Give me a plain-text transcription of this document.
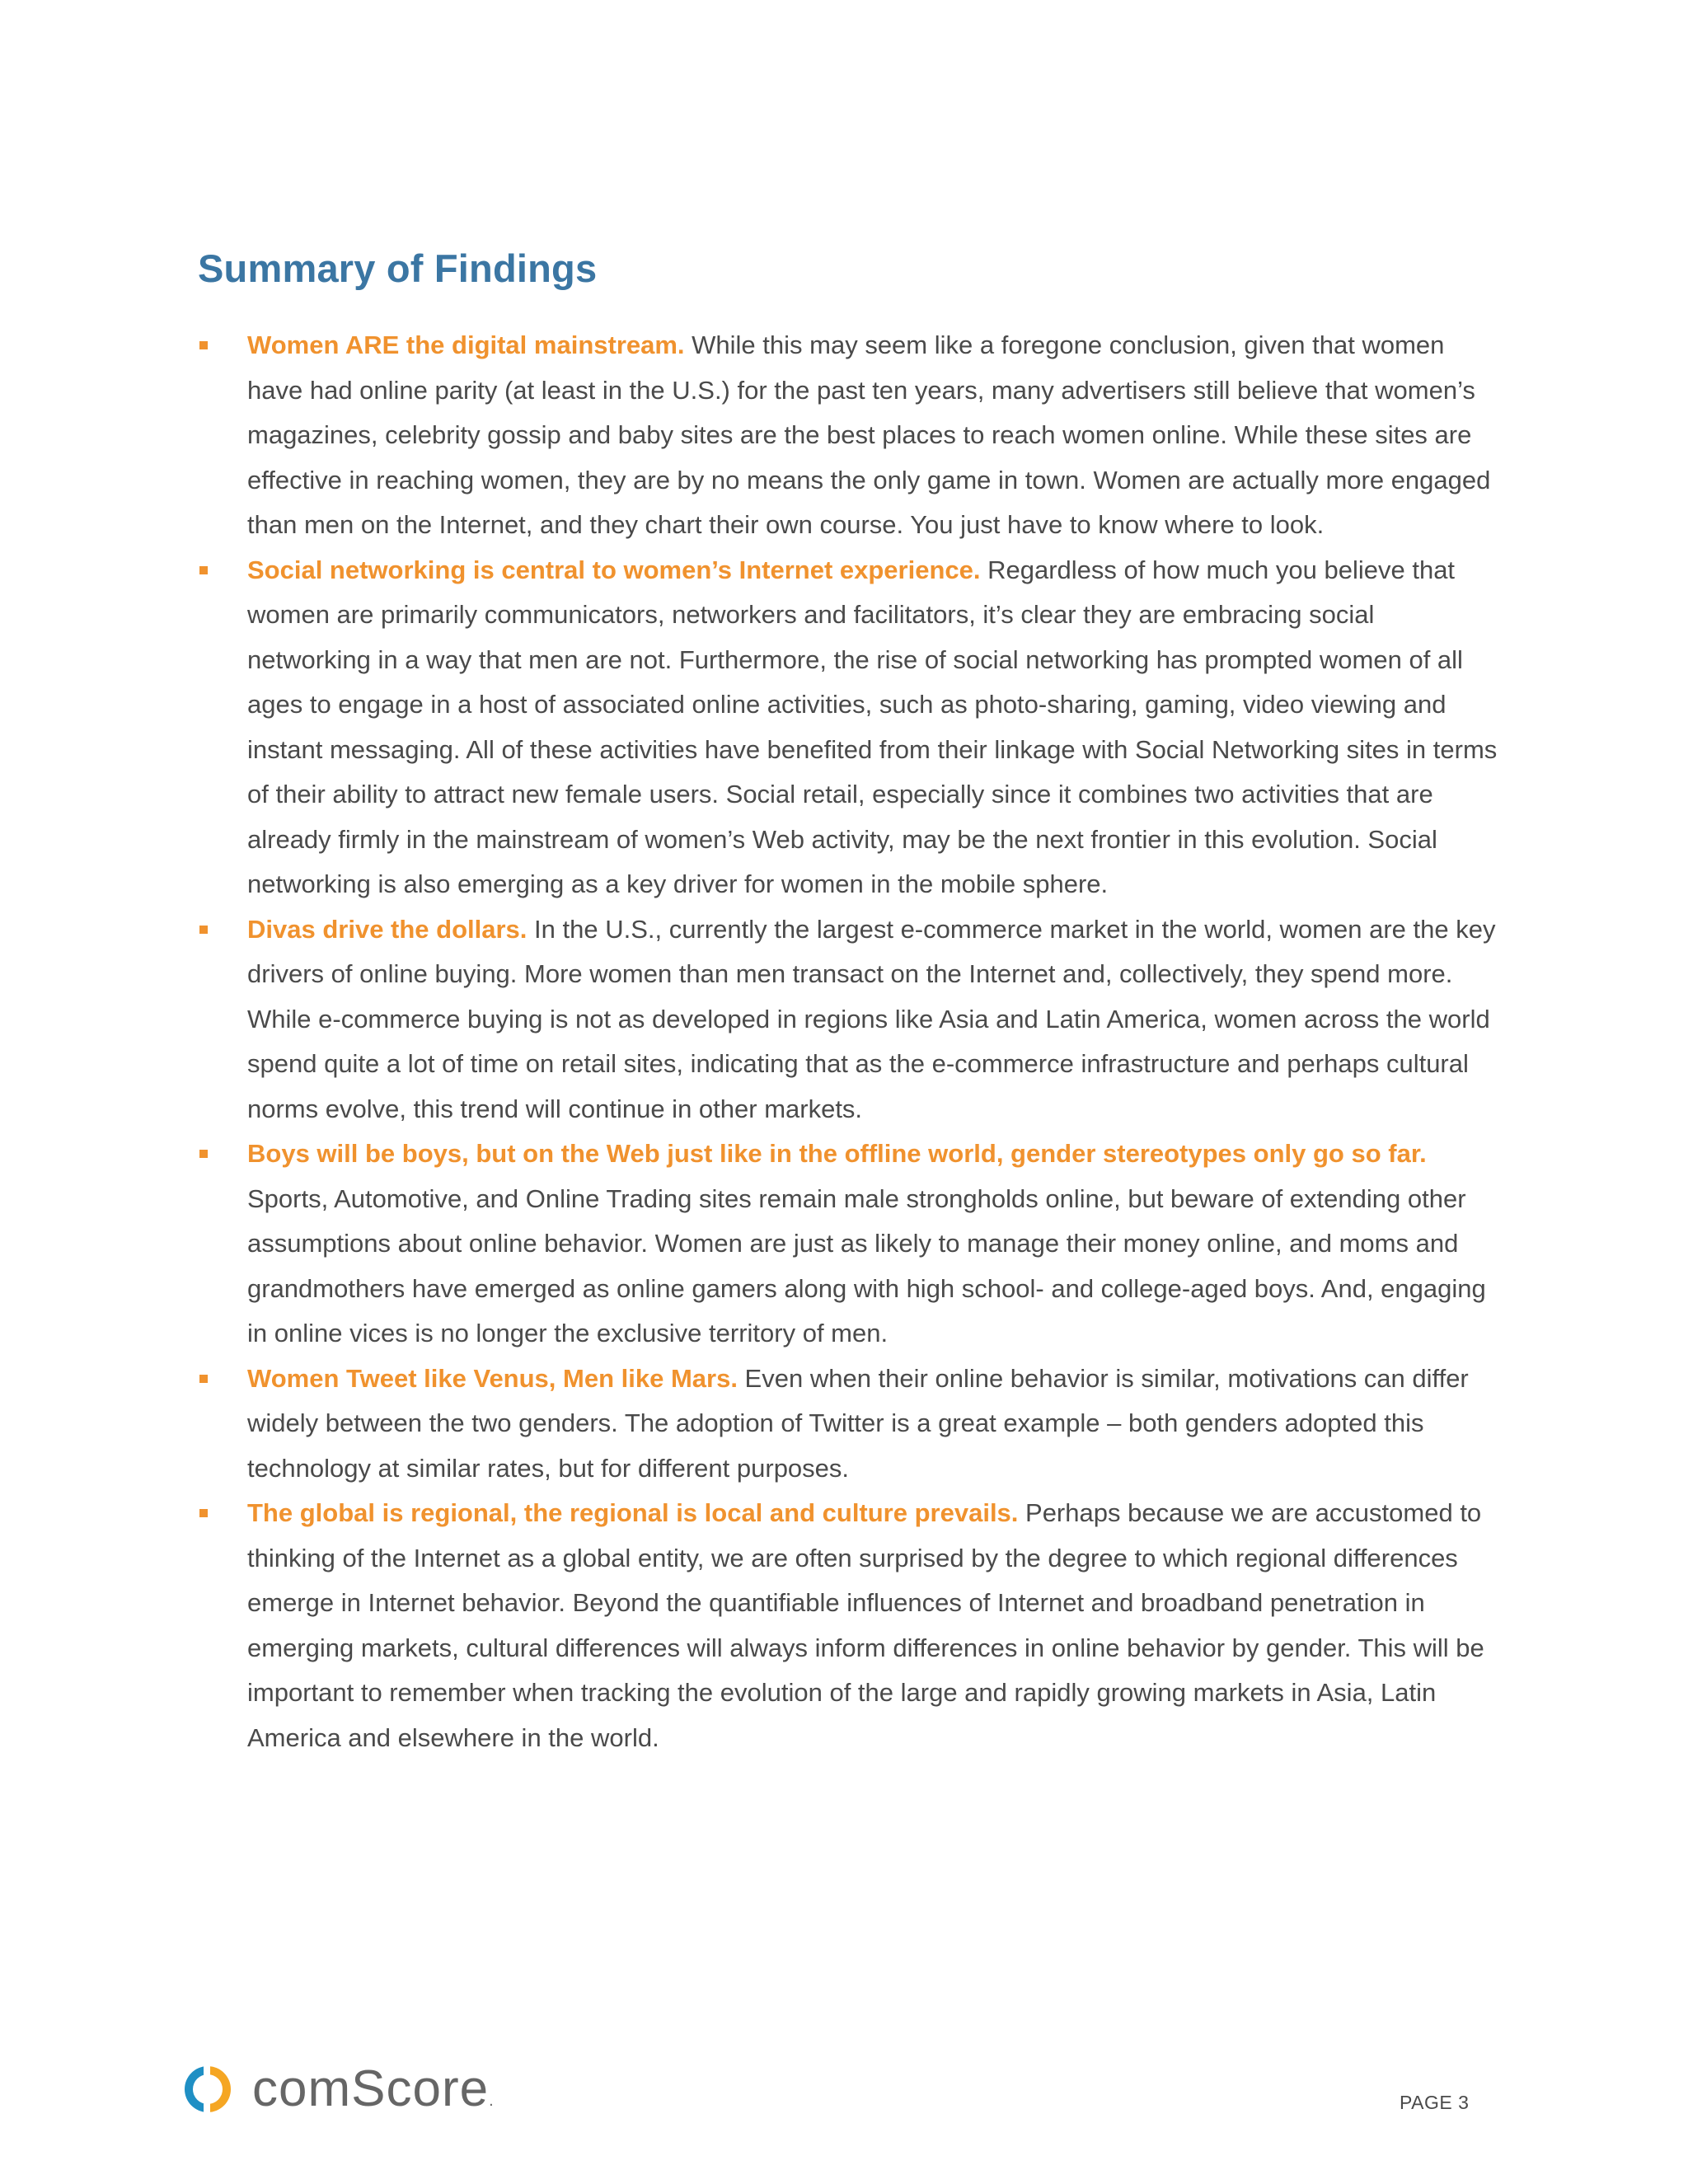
Summary of Findings
Women ARE the digital mainstream. While this may seem like a foregone conclusion, given that women have had online parity (at least in the U.S.) for the past ten years, many advertisers still believe that women’s magazines, celebrity gossip and baby sites are the best places to reach women online. While these sites are effective in reaching women, they are by no means the only game in town. Women are actually more engaged than men on the Internet, and they chart their own course. You just have to know where to look.
Social networking is central to women’s Internet experience. Regardless of how much you believe that women are primarily communicators, networkers and facilitators, it’s clear they are embracing social networking in a way that men are not. Furthermore, the rise of social networking has prompted women of all ages to engage in a host of associated online activities, such as photo-sharing, gaming, video viewing and instant messaging. All of these activities have benefited from their linkage with Social Networking sites in terms of their ability to attract new female users. Social retail, especially since it combines two activities that are already firmly in the mainstream of women’s Web activity, may be the next frontier in this evolution. Social networking is also emerging as a key driver for women in the mobile sphere.
Divas drive the dollars. In the U.S., currently the largest e-commerce market in the world, women are the key drivers of online buying. More women than men transact on the Internet and, collectively, they spend more. While e-commerce buying is not as developed in regions like Asia and Latin America, women across the world spend quite a lot of time on retail sites, indicating that as the e-commerce infrastructure and perhaps cultural norms evolve, this trend will continue in other markets.
Boys will be boys, but on the Web just like in the offline world, gender stereotypes only go so far. Sports, Automotive, and Online Trading sites remain male strongholds online, but beware of extending other assumptions about online behavior. Women are just as likely to manage their money online, and moms and grandmothers have emerged as online gamers along with high school- and college-aged boys. And, engaging in online vices is no longer the exclusive territory of men.
Women Tweet like Venus, Men like Mars. Even when their online behavior is similar, motivations can differ widely between the two genders. The adoption of Twitter is a great example – both genders adopted this technology at similar rates, but for different purposes.
The global is regional, the regional is local and culture prevails. Perhaps because we are accustomed to thinking of the Internet as a global entity, we are often surprised by the degree to which regional differences emerge in Internet behavior. Beyond the quantifiable influences of Internet and broadband penetration in emerging markets, cultural differences will always inform differences in online behavior by gender. This will be important to remember when tracking the evolution of the large and rapidly growing markets in Asia, Latin America and elsewhere in the world.
comScore.	PAGE 3
